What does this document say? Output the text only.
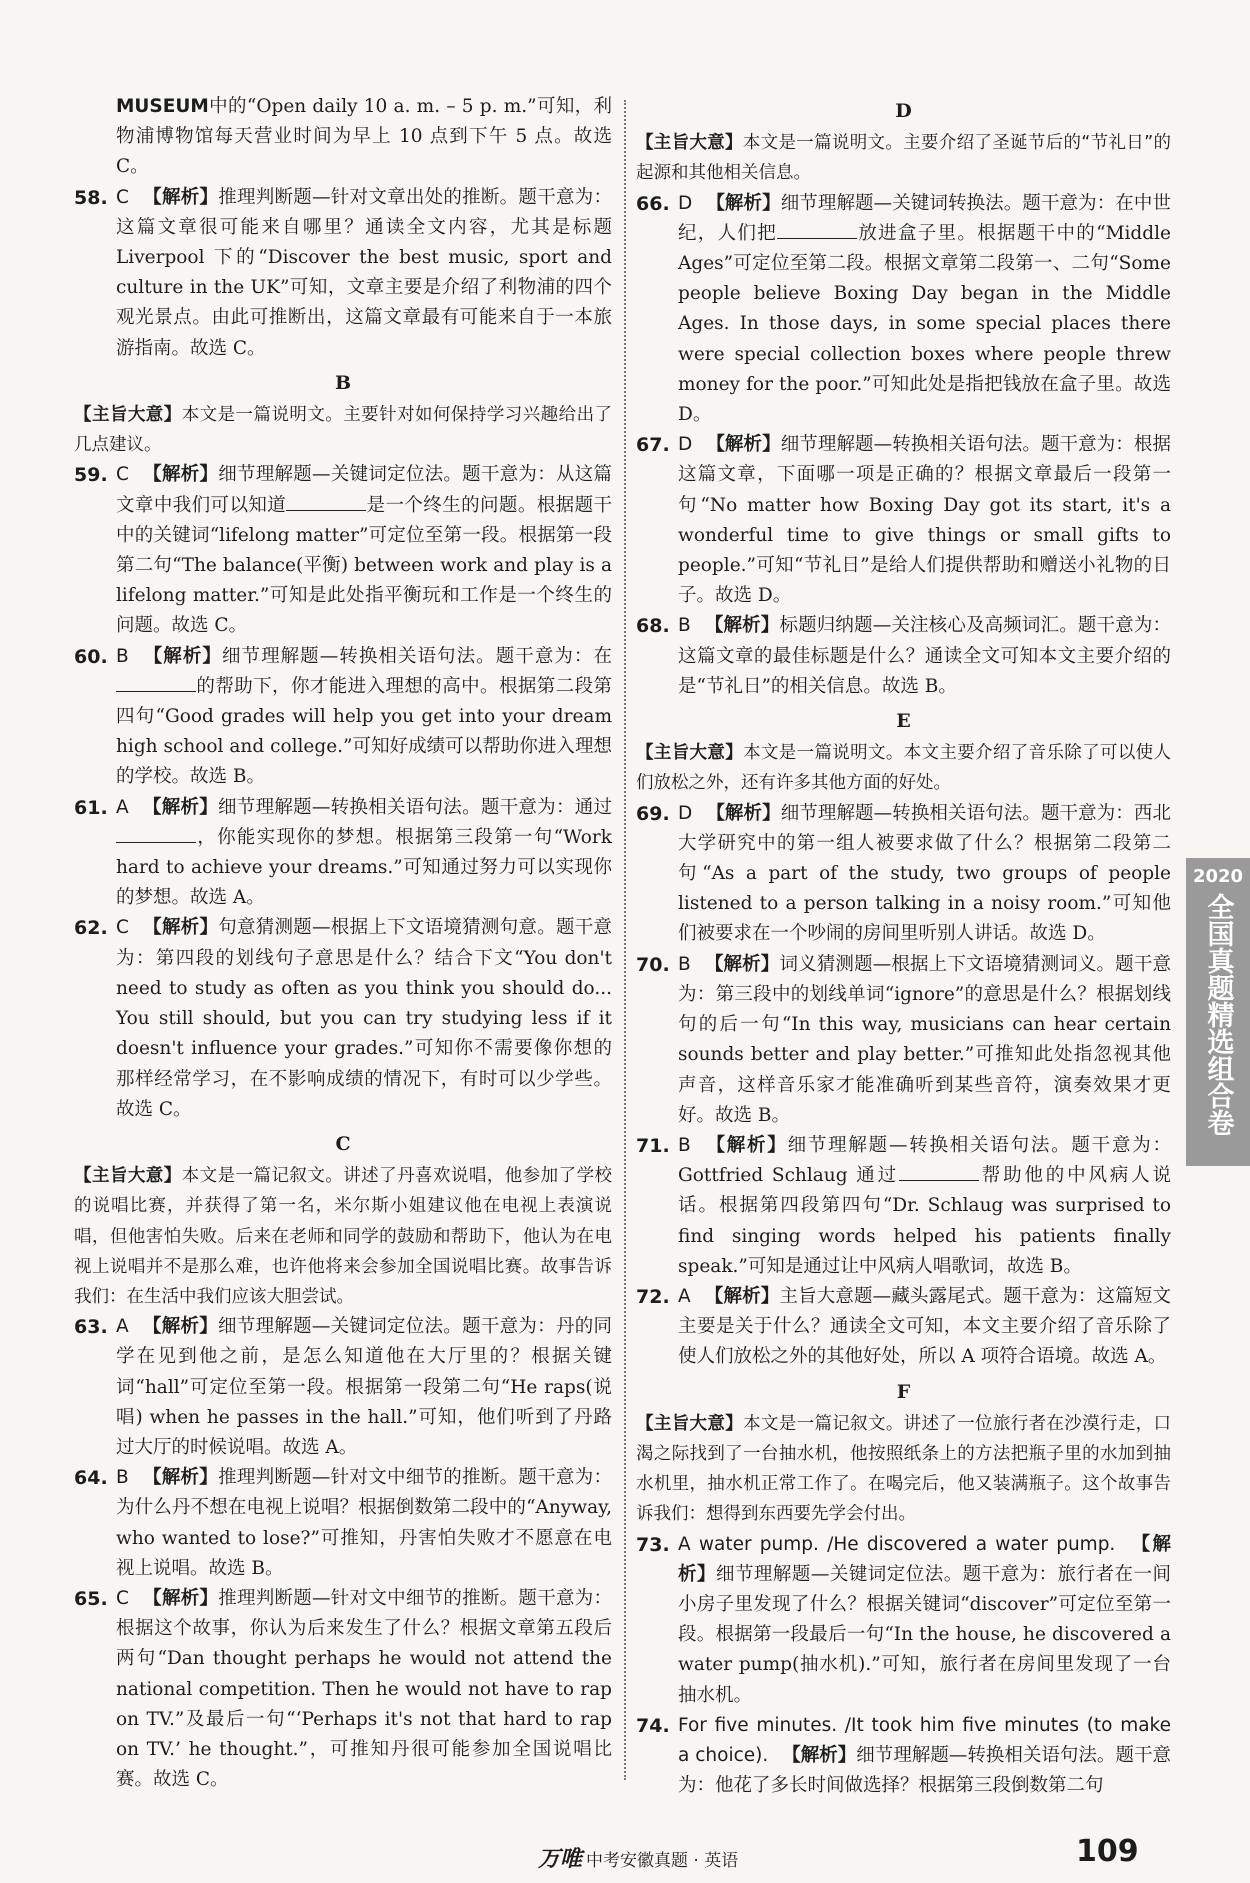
MUSEUM中的“Open daily 10 a. m. – 5 p. m.”可知，利物浦博物馆每天营业时间为早上 10 点到下午 5 点。故选 C。
58. C 【解析】推理判断题—针对文章出处的推断。题干意为：这篇文章很可能来自哪里？通读全文内容，尤其是标题 Liverpool 下的“Discover the best music, sport and culture in the UK”可知，文章主要是介绍了利物浦的四个观光景点。由此可推断出，这篇文章最有可能来自于一本旅游指南。故选 C。
B
【主旨大意】本文是一篇说明文。主要针对如何保持学习兴趣给出了几点建议。
59. C 【解析】细节理解题—关键词定位法。题干意为：从这篇文章中我们可以知道	是一个终生的问题。根据题干中的关键词“lifelong matter”可定位至第一段。根据第一段第二句“The balance(平衡) between work and play is a lifelong matter.”可知是此处指平衡玩和工作是一个终生的问题。故选 C。
60. B 【解析】细节理解题—转换相关语句法。题干意为：在的帮助下，你才能进入理想的高中。根据第二段第四句“Good grades will help you get into your dream high school and college.”可知好成绩可以帮助你进入理想的学校。故选 B。
61. A 【解析】细节理解题—转换相关语句法。题干意为：通过，你能实现你的梦想。根据第三段第一句“Work hard to achieve your dreams.”可知通过努力可以实现你的梦想。故选 A。
62. C 【解析】句意猜测题—根据上下文语境猜测句意。题干意为：第四段的划线句子意思是什么？结合下文“You don't need to study as often as you think you should do... You still should, but you can try studying less if it doesn't influence your grades.”可知你不需要像你想的那样经常学习，在不影响成绩的情况下，有时可以少学些。故选 C。
C
【主旨大意】本文是一篇记叙文。讲述了丹喜欢说唱，他参加了学校的说唱比赛，并获得了第一名，米尔斯小姐建议他在电视上表演说唱，但他害怕失败。后来在老师和同学的鼓励和帮助下，他认为在电视上说唱并不是那么难，也许他将来会参加全国说唱比赛。故事告诉我们：在生活中我们应该大胆尝试。
63. A 【解析】细节理解题—关键词定位法。题干意为：丹的同学在见到他之前，是怎么知道他在大厅里的？根据关键词“hall”可定位至第一段。根据第一段第二句“He raps(说唱) when he passes in the hall.”可知，他们听到了丹路过大厅的时候说唱。故选 A。
64. B 【解析】推理判断题—针对文中细节的推断。题干意为：为什么丹不想在电视上说唱？根据倒数第二段中的“Anyway, who wanted to lose?”可推知，丹害怕失败才不愿意在电视上说唱。故选 B。
65. C 【解析】推理判断题—针对文中细节的推断。题干意为：根据这个故事，你认为后来发生了什么？根据文章第五段后两句“Dan thought perhaps he would not attend the national competition. Then he would not have to rap on TV.”及最后一句“‘Perhaps it's not that hard to rap on TV.’ he thought.”，可推知丹很可能参加全国说唱比赛。故选 C。
D
【主旨大意】本文是一篇说明文。主要介绍了圣诞节后的“节礼日”的起源和其他相关信息。
66. D 【解析】细节理解题—关键词转换法。题干意为：在中世纪，人们把	放进盒子里。根据题干中的“Middle Ages”可定位至第二段。根据文章第二段第一、二句“Some people believe Boxing Day began in the Middle Ages. In those days, in some special places there were special collection boxes where people threw money for the poor.”可知此处是指把钱放在盒子里。故选 D。
67. D 【解析】细节理解题—转换相关语句法。题干意为：根据这篇文章，下面哪一项是正确的？根据文章最后一段第一句“No matter how Boxing Day got its start, it's a wonderful time to give things or small gifts to people.”可知“节礼日”是给人们提供帮助和赠送小礼物的日子。故选 D。
68. B 【解析】标题归纳题—关注核心及高频词汇。题干意为：这篇文章的最佳标题是什么？通读全文可知本文主要介绍的是“节礼日”的相关信息。故选 B。
E
【主旨大意】本文是一篇说明文。本文主要介绍了音乐除了可以使人们放松之外，还有许多其他方面的好处。
69. D 【解析】细节理解题—转换相关语句法。题干意为：西北大学研究中的第一组人被要求做了什么？根据第二段第二句“As a part of the study, two groups of people listened to a person talking in a noisy room.”可知他们被要求在一个吵闹的房间里听别人讲话。故选 D。
70. B 【解析】词义猜测题—根据上下文语境猜测词义。题干意为：第三段中的划线单词“ignore”的意思是什么？根据划线句的后一句“In this way, musicians can hear certain sounds better and play better.”可推知此处指忽视其他声音，这样音乐家才能准确听到某些音符，演奏效果才更好。故选 B。
71. B 【解析】细节理解题—转换相关语句法。题干意为：Gottfried Schlaug 通过	帮助他的中风病人说话。根据第四段第四句“Dr. Schlaug was surprised to find singing words helped his patients finally speak.”可知是通过让中风病人唱歌词，故选 B。
72. A 【解析】主旨大意题—藏头露尾式。题干意为：这篇短文主要是关于什么？通读全文可知，本文主要介绍了音乐除了使人们放松之外的其他好处，所以 A 项符合语境。故选 A。
F
【主旨大意】本文是一篇记叙文。讲述了一位旅行者在沙漠行走，口渴之际找到了一台抽水机，他按照纸条上的方法把瓶子里的水加到抽水机里，抽水机正常工作了。在喝完后，他又装满瓶子。这个故事告诉我们：想得到东西要先学会付出。
73. A water pump. /He discovered a water pump. 【解析】细节理解题—关键词定位法。题干意为：旅行者在一间小房子里发现了什么？根据关键词“discover”可定位至第一段。根据第一段最后一句“In the house, he discovered a water pump(抽水机).”可知，旅行者在房间里发现了一台抽水机。
74. For five minutes. /It took him five minutes (to make a choice). 【解析】细节理解题—转换相关语句法。题干意为：他花了多长时间做选择？根据第三段倒数第二句
2020
全国真题精选组合卷
万唯 中考安徽真题 · 英语	109
